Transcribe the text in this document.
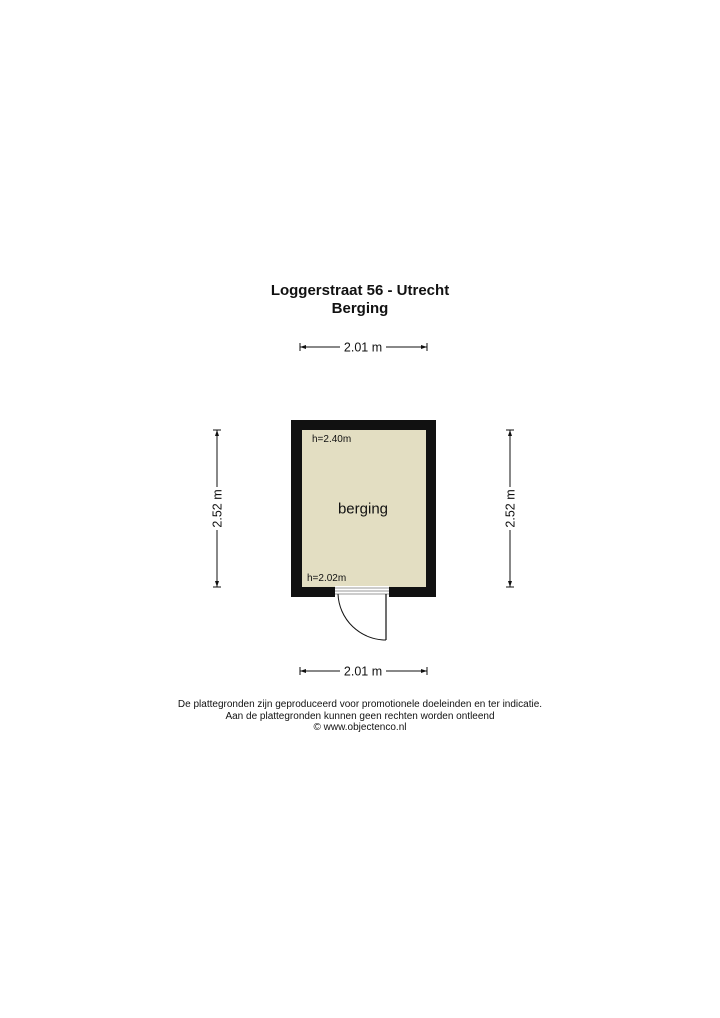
Loggerstraat 56 - Utrecht
Berging
2.01 m
2.01 m
2.52 m	2.52 m
berging
h=2.40m
h=2.02m
De plattegronden zijn geproduceerd voor promotionele doeleinden en ter indicatie.
Aan de plattegronden kunnen geen rechten worden ontleend
© www.objectenco.nl
